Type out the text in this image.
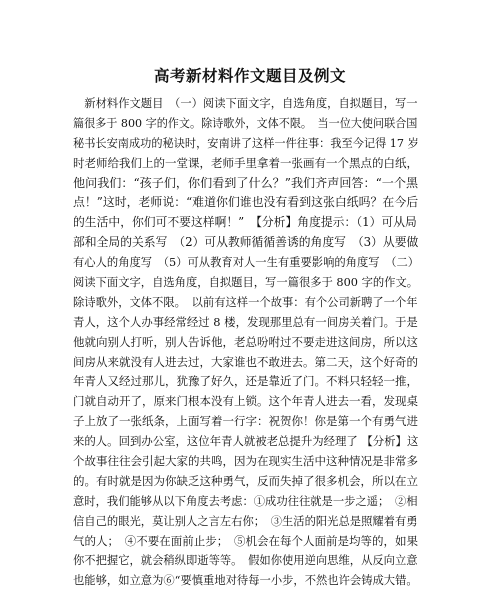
高考新材料作文题目及例文
　新材料作文题目　（一）阅读下面文字，自选角度，自拟题目，写一
篇很多于 800 字的作文。除诗歌外，文体不限。　当一位大使问联合国
秘书长安南成功的秘诀时，安南讲了这样一件往事：我至今记得 17 岁
时老师给我们上的一堂课，老师手里拿着一张画有一个黑点的白纸，
他问我们：“孩子们，你们看到了什么？”我们齐声回答：“一个黑
点！”这时，老师说：“难道你们谁也没有看到这张白纸吗？在今后
的生活中，你们可不要这样啊！”　【分析】角度提示：（1）可从局
部和全局的关系写　（2）可从教师循循善诱的角度写　（3）从要做
有心人的角度写　（5）可从教育对人一生有重要影响的角度写　（二）
阅读下面文字，自选角度，自拟题目，写一篇很多于 800 字的作文。
除诗歌外，文体不限。　以前有这样一个故事：有个公司新聘了一个年
青人，这个人办事经常经过 8 楼，发现那里总有一间房关着门。于是
他就向别人打听，别人告诉他，老总吩咐过不要走进这间房，所以这
间房从来就没有人进去过，大家谁也不敢进去。第二天，这个好奇的
年青人又经过那儿，犹豫了好久，还是靠近了门。不料只轻轻一推，
门就自动开了，原来门根本没有上锁。这个年青人进去一看，发现桌
子上放了一张纸条，上面写着一行字：祝贺你！你是第一个有勇气进
来的人。回到办公室，这位年青人就被老总提升为经理了 【分析】这
个故事往往会引起大家的共鸣，因为在现实生活中这种情况是非常多
的。有时就是因为你缺乏这种勇气，反而失掉了很多机会，所以在立
意时，我们能够从以下角度去考虑：①成功往往就是一步之遥；　②相
信自己的眼光，莫让别人之言左右你；　③生活的阳光总是照耀着有勇
气的人；　④不要在面前止步；　⑤机会在每个人面前是均等的，如果
你不把握它，就会稍纵即逝等等。　假如你使用逆向思维，从反向立意
也能够，如立意为⑥“要慎重地对待每一小步，不然也许会铸成大错。
